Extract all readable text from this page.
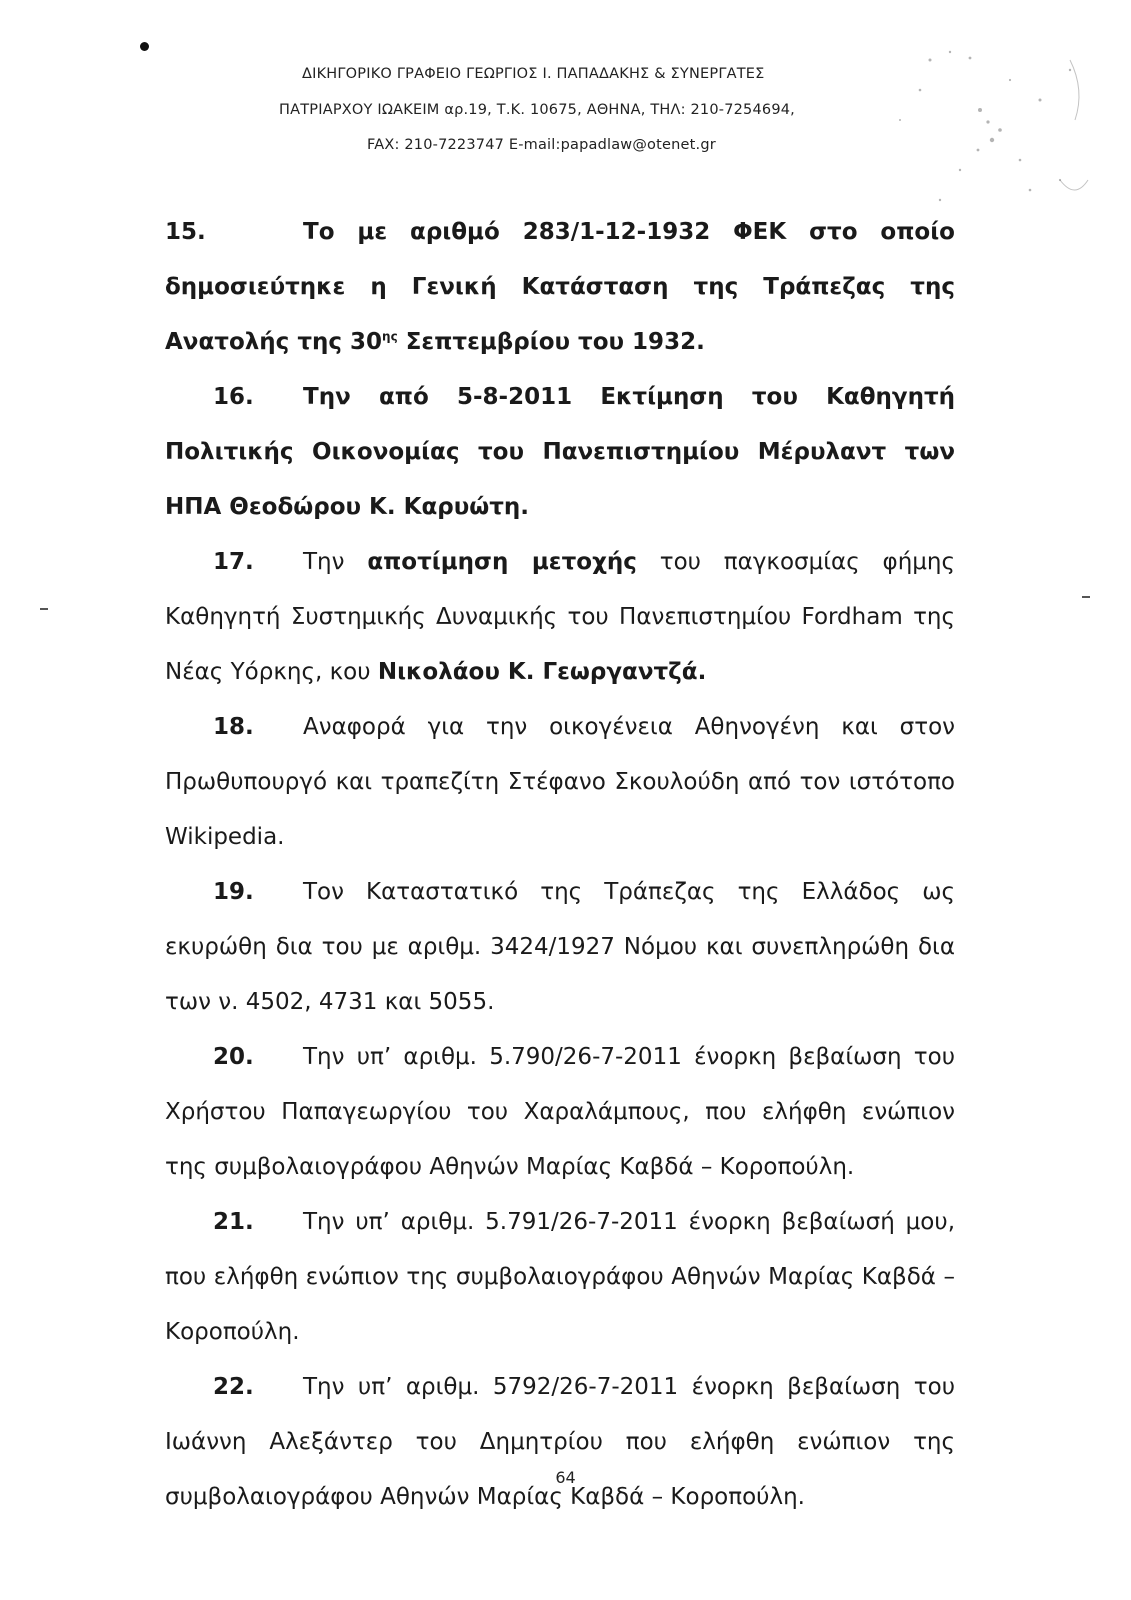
ΔΙΚΗΓΟΡΙΚΟ ΓΡΑΦΕΙΟ ΓΕΩΡΓΙΟΣ Ι. ΠΑΠΑΔΑΚΗΣ & ΣΥΝΕΡΓΑΤΕΣ
ΠΑΤΡΙΑΡΧΟΥ ΙΩΑΚΕΙΜ αρ.19, Τ.Κ. 10675, ΑΘΗΝΑ, ΤΗΛ: 210-7254694,
FAX: 210-7223747 E-mail:papadlaw@otenet.gr

15.	Το με αριθμό 283/1-12-1932 ΦΕΚ στο οποίο δημοσιεύτηκε η Γενική Κατάσταση της Τράπεζας της Ανατολής της $30^{\eta\varsigma}$ Σεπτεμβρίου του 1932.

16. Την από 5-8-2011 Εκτίμηση του Καθηγητή Πολιτικής Οικονομίας του Πανεπιστημίου Μέρυλαντ των ΗΠΑ Θεοδώρου Κ. Καρυώτη.

17. Την αποτίμηση μετοχής του παγκοσμίας φήμης Καθηγητή Συστημικής Δυναμικής του Πανεπιστημίου Fordham της Νέας Υόρκης, κου Νικολάου Κ. Γεωργαντζά.

18. Αναφορά για την οικογένεια Αθηνογένη και στον Πρωθυπουργό και τραπεζίτη Στέφανο Σκουλούδη από τον ιστότοπο Wikipedia.

19. Τον Καταστατικό της Τράπεζας της Ελλάδος ως εκυρώθη δια του με αριθμ. 3424/1927 Νόμου και συνεπληρώθη δια των ν. 4502, 4731 και 5055.

20. Την υπ’ αριθμ. 5.790/26-7-2011 ένορκη βεβαίωση του Χρήστου Παπαγεωργίου του Χαραλάμπους, που ελήφθη ενώπιον της συμβολαιογράφου Αθηνών Μαρίας Καβδά – Κοροπούλη.

21. Την υπ’ αριθμ. 5.791/26-7-2011 ένορκη βεβαίωσή μου, που ελήφθη ενώπιον της συμβολαιογράφου Αθηνών Μαρίας Καβδά – Κοροπούλη.

22. Την υπ’ αριθμ. 5792/26-7-2011 ένορκη βεβαίωση του Ιωάννη Αλεξάντερ του Δημητρίου που ελήφθη ενώπιον της συμβολαιογράφου Αθηνών Μαρίας Καβδά – Κοροπούλη.

64
